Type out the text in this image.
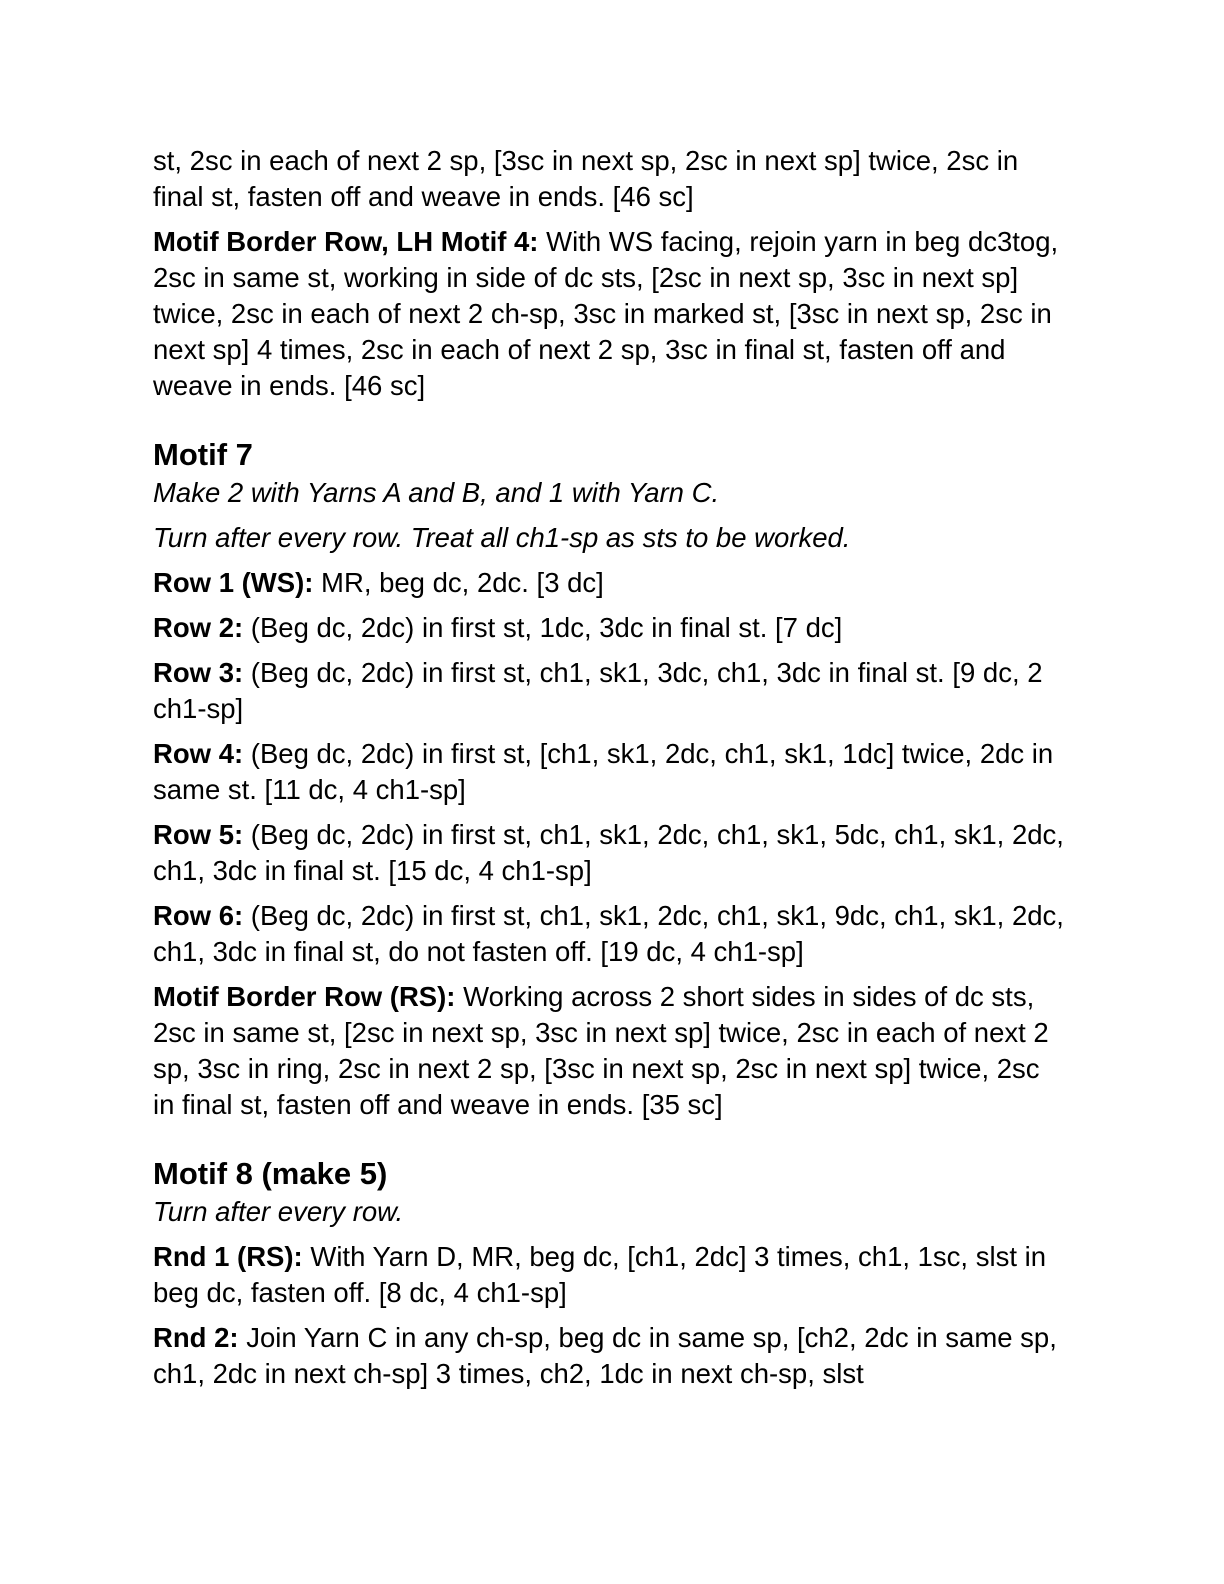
st, 2sc in each of next 2 sp, [3sc in next sp, 2sc in next sp] twice, 2sc in final st, fasten off and weave in ends. [46 sc]

Motif Border Row, LH Motif 4: With WS facing, rejoin yarn in beg dc3tog, 2sc in same st, working in side of dc sts, [2sc in next sp, 3sc in next sp] twice, 2sc in each of next 2 ch-sp, 3sc in marked st, [3sc in next sp, 2sc in next sp] 4 times, 2sc in each of next 2 sp, 3sc in final st, fasten off and weave in ends. [46 sc]

Motif 7

Make 2 with Yarns A and B, and 1 with Yarn C.

Turn after every row. Treat all ch1-sp as sts to be worked.

Row 1 (WS): MR, beg dc, 2dc. [3 dc]

Row 2: (Beg dc, 2dc) in first st, 1dc, 3dc in final st. [7 dc]

Row 3: (Beg dc, 2dc) in first st, ch1, sk1, 3dc, ch1, 3dc in final st. [9 dc, 2 ch1-sp]

Row 4: (Beg dc, 2dc) in first st, [ch1, sk1, 2dc, ch1, sk1, 1dc] twice, 2dc in same st. [11 dc, 4 ch1-sp]

Row 5: (Beg dc, 2dc) in first st, ch1, sk1, 2dc, ch1, sk1, 5dc, ch1, sk1, 2dc, ch1, 3dc in final st. [15 dc, 4 ch1-sp]

Row 6: (Beg dc, 2dc) in first st, ch1, sk1, 2dc, ch1, sk1, 9dc, ch1, sk1, 2dc, ch1, 3dc in final st, do not fasten off. [19 dc, 4 ch1-sp]

Motif Border Row (RS): Working across 2 short sides in sides of dc sts, 2sc in same st, [2sc in next sp, 3sc in next sp] twice, 2sc in each of next 2 sp, 3sc in ring, 2sc in next 2 sp, [3sc in next sp, 2sc in next sp] twice, 2sc in final st, fasten off and weave in ends. [35 sc]

Motif 8 (make 5)

Turn after every row.

Rnd 1 (RS): With Yarn D, MR, beg dc, [ch1, 2dc] 3 times, ch1, 1sc, slst in beg dc, fasten off. [8 dc, 4 ch1-sp]

Rnd 2: Join Yarn C in any ch-sp, beg dc in same sp, [ch2, 2dc in same sp, ch1, 2dc in next ch-sp] 3 times, ch2, 1dc in next ch-sp, slst
